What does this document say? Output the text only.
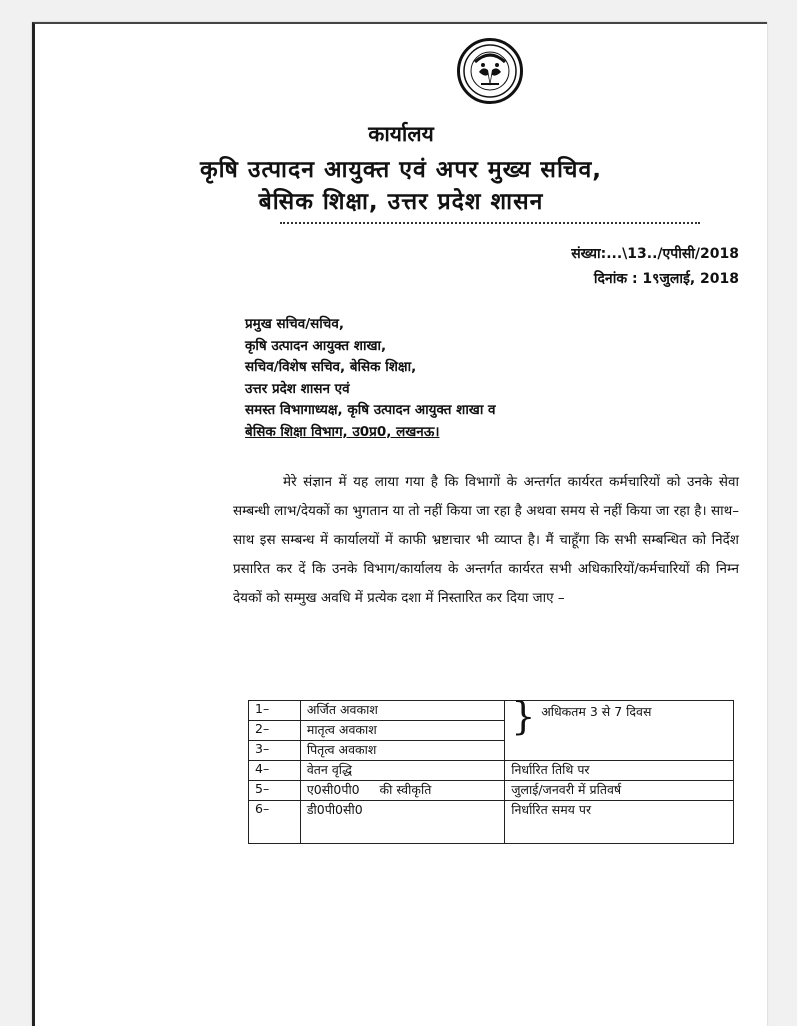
कार्यालय
कृषि उत्पादन आयुक्त एवं अपर मुख्य सचिव,
बेसिक शिक्षा, उत्तर प्रदेश शासन
संख्या:...\13../एपीसी/2018
दिनांक : 1९जुलाई, 2018
प्रमुख सचिव/सचिव,
कृषि उत्पादन आयुक्त शाखा,
सचिव/विशेष सचिव, बेसिक शिक्षा,
उत्तर प्रदेश शासन एवं
समस्त विभागाध्यक्ष, कृषि उत्पादन आयुक्त शाखा व
बेसिक शिक्षा विभाग, उ0प्र0, लखनऊ।

मेरे संज्ञान में यह लाया गया है कि विभागों के अन्तर्गत कार्यरत कर्मचारियों को उनके सेवा सम्बन्धी लाभ/देयकों का भुगतान या तो नहीं किया जा रहा है अथवा समय से नहीं किया जा रहा है। साथ–साथ इस सम्बन्ध में कार्यालयों में काफी भ्रष्टाचार भी व्याप्त है। मैं चाहूँगा कि सभी सम्बन्धित को निर्देश प्रसारित कर दें कि उनके विभाग/कार्यालय के अन्तर्गत कार्यरत सभी अधिकारियों/कर्मचारियों की निम्न देयकों को सम्मुख अवधि में प्रत्येक दशा में निस्तारित कर दिया जाए –

1–	अर्जित अवकाश	} अधिकतम 3 से 7 दिवस

2–	मातृत्व अवकाश	
3–	पितृत्व अवकाश	
4–	वेतन वृद्धि	निर्धारित तिथि पर
5–	ए0सी0पी0     की स्वीकृति	जुलाई/जनवरी में प्रतिवर्ष
6–	डी0पी0सी0	निर्धारित समय पर
